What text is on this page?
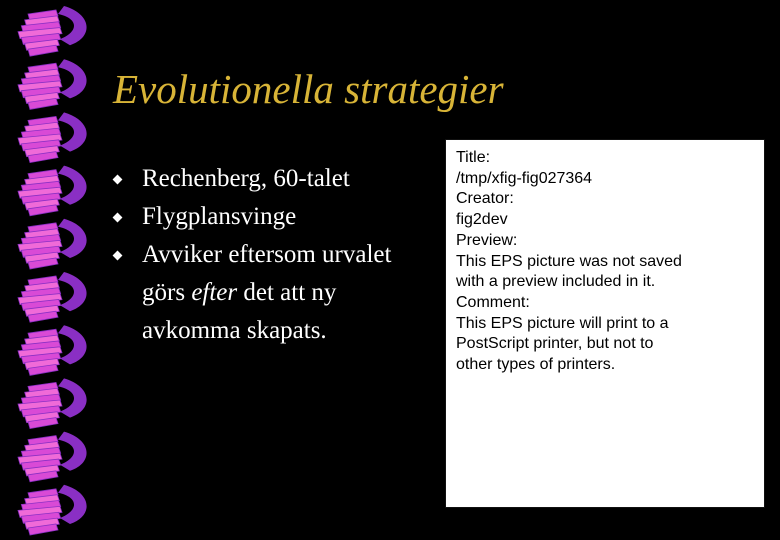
Evolutionella strategier
Rechenberg, 60-talet
Flygplansvinge
Avviker eftersom urvalet
görs efter det att ny
avkomma skapats.
Title:
/tmp/xfig-fig027364
Creator:
fig2dev
Preview:
This EPS picture was not saved
with a preview included in it.
Comment:
This EPS picture will print to a
PostScript printer, but not to
other types of printers.
